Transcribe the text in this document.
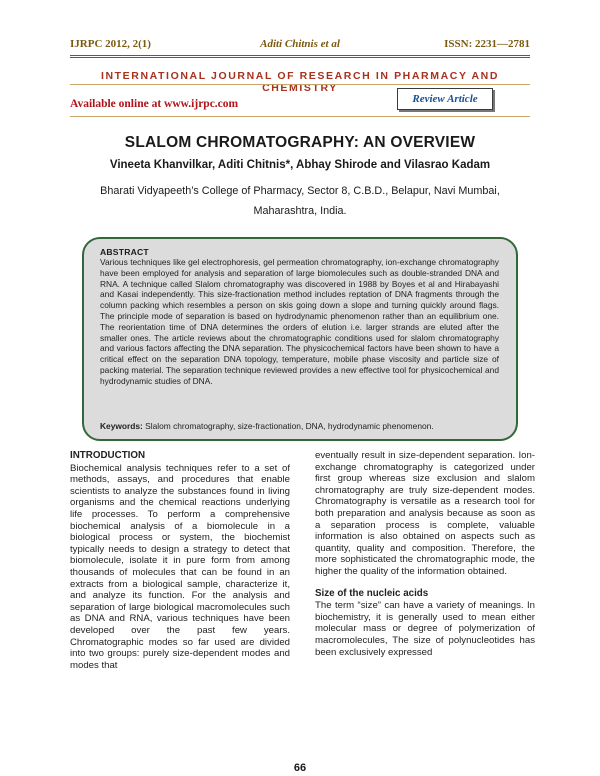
IJRPC 2012, 2(1)	Aditi Chitnis et al	ISSN: 2231—2781
INTERNATIONAL JOURNAL OF RESEARCH IN PHARMACY AND CHEMISTRY
Available online at www.ijrpc.com	Review Article
SLALOM CHROMATOGRAPHY: AN OVERVIEW
Vineeta Khanvilkar, Aditi Chitnis*, Abhay Shirode and Vilasrao Kadam
Bharati Vidyapeeth’s College of Pharmacy, Sector 8, C.B.D., Belapur, Navi Mumbai, Maharashtra, India.
ABSTRACT
Various techniques like gel electrophoresis, gel permeation chromatography, ion-exchange chromatography have been employed for analysis and separation of large biomolecules such as double-stranded DNA and RNA. A technique called Slalom chromatography was discovered in 1988 by Boyes et al and Hirabayashi and Kasai independently. This size-fractionation method includes reptation of DNA fragments through the column packing which resembles a person on skis going down a slope and turning quickly around flags. The principle mode of separation is based on hydrodynamic phenomenon rather than an equilibrium one. The reorientation time of DNA determines the orders of elution i.e. larger strands are eluted after the smaller ones. The article reviews about the chromatographic conditions used for slalom chromatography and various factors affecting the DNA separation. The physicochemical factors have been shown to have a critical effect on the separation DNA topology, temperature, mobile phase viscosity and particle size of packing material. The separation technique reviewed provides a new effective tool for physicochemical and hydrodynamic studies of DNA.
Keywords: Slalom chromatography, size-fractionation, DNA, hydrodynamic phenomenon.
INTRODUCTION

Biochemical analysis techniques refer to a set of methods, assays, and procedures that enable scientists to analyze the substances found in living organisms and the chemical reactions underlying life processes. To perform a comprehensive biochemical analysis of a biomolecule in a biological process or system, the biochemist typically needs to design a strategy to detect that biomolecule, isolate it in pure form from among thousands of molecules that can be found in an extracts from a biological sample, characterize it, and analyze its function. For the analysis and separation of large biological macromolecules such as DNA and RNA, various techniques have been developed over the past few years. Chromatographic modes so far used are divided into two groups: purely size-dependent modes and modes that

eventually result in size-dependent separation. Ion-exchange chromatography is categorized under first group whereas size exclusion and slalom chromatography are truly size-dependent modes. Chromatography is versatile as a research tool for both preparation and analysis because as soon as a separation process is complete, valuable information is also obtained on aspects such as quantity, quality and composition. Therefore, the more sophisticated the chromatographic mode, the higher the quality of the information obtained.

Size of the nucleic acids

The term “size” can have a variety of meanings. In biochemistry, it is generally used to mean either molecular mass or degree of polymerization of macromolecules, The size of polynucleotides has been exclusively expressed

66
